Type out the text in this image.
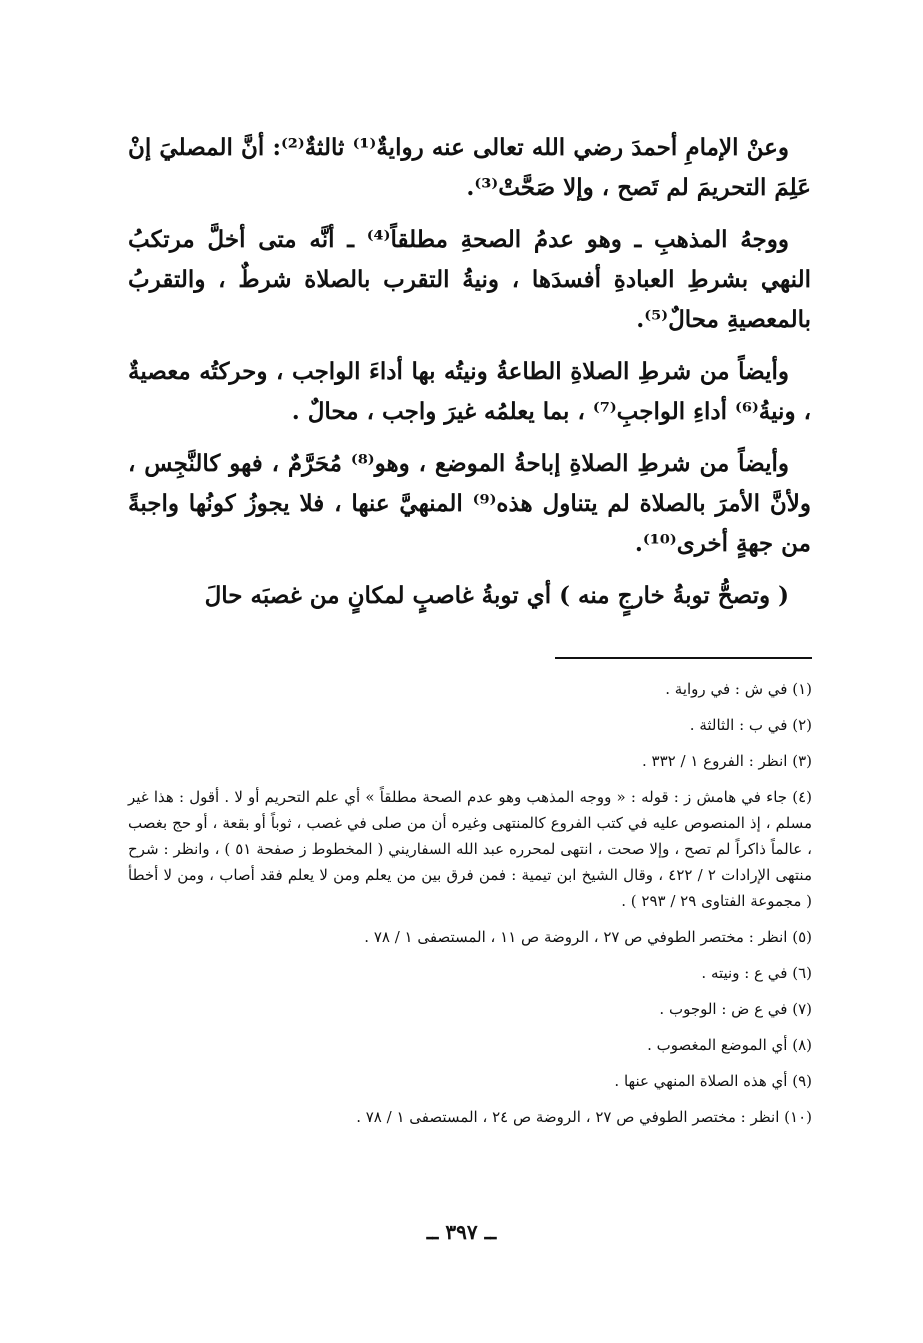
وعنْ الإمامِ أحمدَ رضي الله تعالى عنه روايةٌ⁽¹⁾ ثالثةٌ⁽²⁾: أنَّ المصليَ إنْ عَلِمَ التحريمَ لم تَصح ، وإلا صَحَّتْ⁽³⁾.

ووجهُ المذهبِ ـ وهو عدمُ الصحةِ مطلقاً⁽⁴⁾ ـ أنَّه متى أخلَّ مرتكبُ النهي بشرطِ العبادةِ أفسدَها ، ونيةُ التقرب بالصلاة شرطٌ ، والتقربُ بالمعصيةِ محالٌ⁽⁵⁾.

وأيضاً من شرطِ الصلاةِ الطاعةُ ونيتُه بها أداءَ الواجب ، وحركتُه معصيةٌ ، ونيةُ⁽⁶⁾ أداءِ الواجبِ⁽⁷⁾ ، بما يعلمُه غيرَ واجب ، محالٌ .

وأيضاً من شرطِ الصلاةِ إباحةُ الموضع ، وهو⁽⁸⁾ مُحَرَّمٌ ، فهو كالنَّجِس ، ولأنَّ الأمرَ بالصلاة لم يتناول هذه⁽⁹⁾ المنهيَّ عنها ، فلا يجوزُ كونُها واجبةً من جهةٍ أخرى⁽¹⁰⁾.

( وتصحُّ توبةُ خارجٍ منه ) أي توبةُ غاصبٍ لمكانٍ من غصبَه حالَ

(١) في ش : في رواية .
(٢) في ب : الثالثة .
(٣) انظر : الفروع ١ / ٣٣٢ .
(٤) جاء في هامش ز : قوله : « ووجه المذهب وهو عدم الصحة مطلقاً » أي علم التحريم أو لا . أقول : هذا غير مسلم ، إذ المنصوص عليه في كتب الفروع كالمنتهى وغيره أن من صلى في غصب ، ثوباً أو بقعة ، أو حج بغصب ، عالماً ذاكراً لم تصح ، وإلا صحت ، انتهى لمحرره عبد الله السفاريني ( المخطوط ز صفحة ٥١ ) ، وانظر : شرح منتهى الإرادات ٢ / ٤٢٢ ، وقال الشيخ ابن تيمية : فمن فرق بين من يعلم ومن لا يعلم فقد أصاب ، ومن لا أخطأ ( مجموعة الفتاوى ٢٩ / ٢٩٣ ) .
(٥) انظر : مختصر الطوفي ص ٢٧ ، الروضة ص ١١ ، المستصفى ١ / ٧٨ .
(٦) في ع : ونيته .
(٧) في ع ض : الوجوب .
(٨) أي الموضع المغصوب .
(٩) أي هذه الصلاة المنهي عنها .
(١٠) انظر : مختصر الطوفي ص ٢٧ ، الروضة ص ٢٤ ، المستصفى ١ / ٧٨ .
ــ ٣٩٧ ــ
